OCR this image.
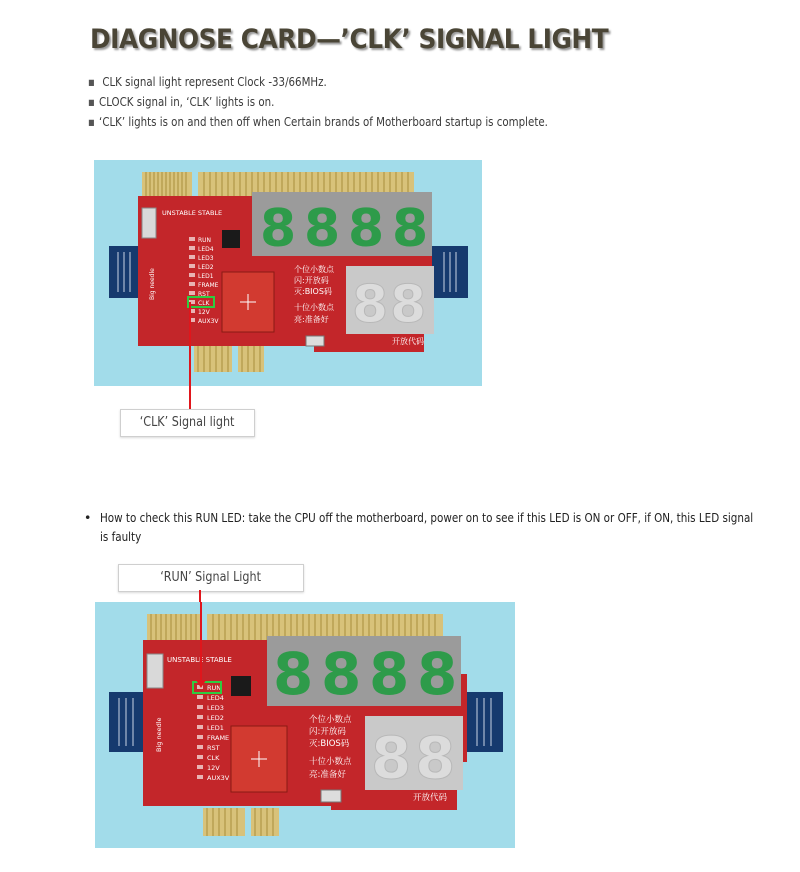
DIAGNOSE CARD—’CLK’ SIGNAL LIGHT
▪ CLK signal light represent Clock -33/66MHz.
▪ CLOCK signal in, ‘CLK’ lights is on.
▪ ‘CLK’ lights is on and then off when Certain brands of Motherboard startup is complete.
UNSTABLE STABLE
RUN
LED4
LED3
LED2
LED1
FRAME
RST
CLK
12V
AUX3V
Big needle
8 8 8 8
8 8
个位小数点
闪:开放码
灭:BIOS码
十位小数点
亮:准备好
开放代码
‘CLK’ Signal light
• How to check this RUN LED: take the CPU off the motherboard, power on to see if this LED is ON or OFF, if ON, this LED signal is faulty
‘RUN’ Signal Light
UNSTABLE STABLE
RUN
LED4
LED3
LED2
LED1
FRAME
RST
CLK
12V
AUX3V
Big needle
8 8 8 8
8 8
个位小数点
闪:开放码
灭:BIOS码
十位小数点
亮:准备好
开放代码
